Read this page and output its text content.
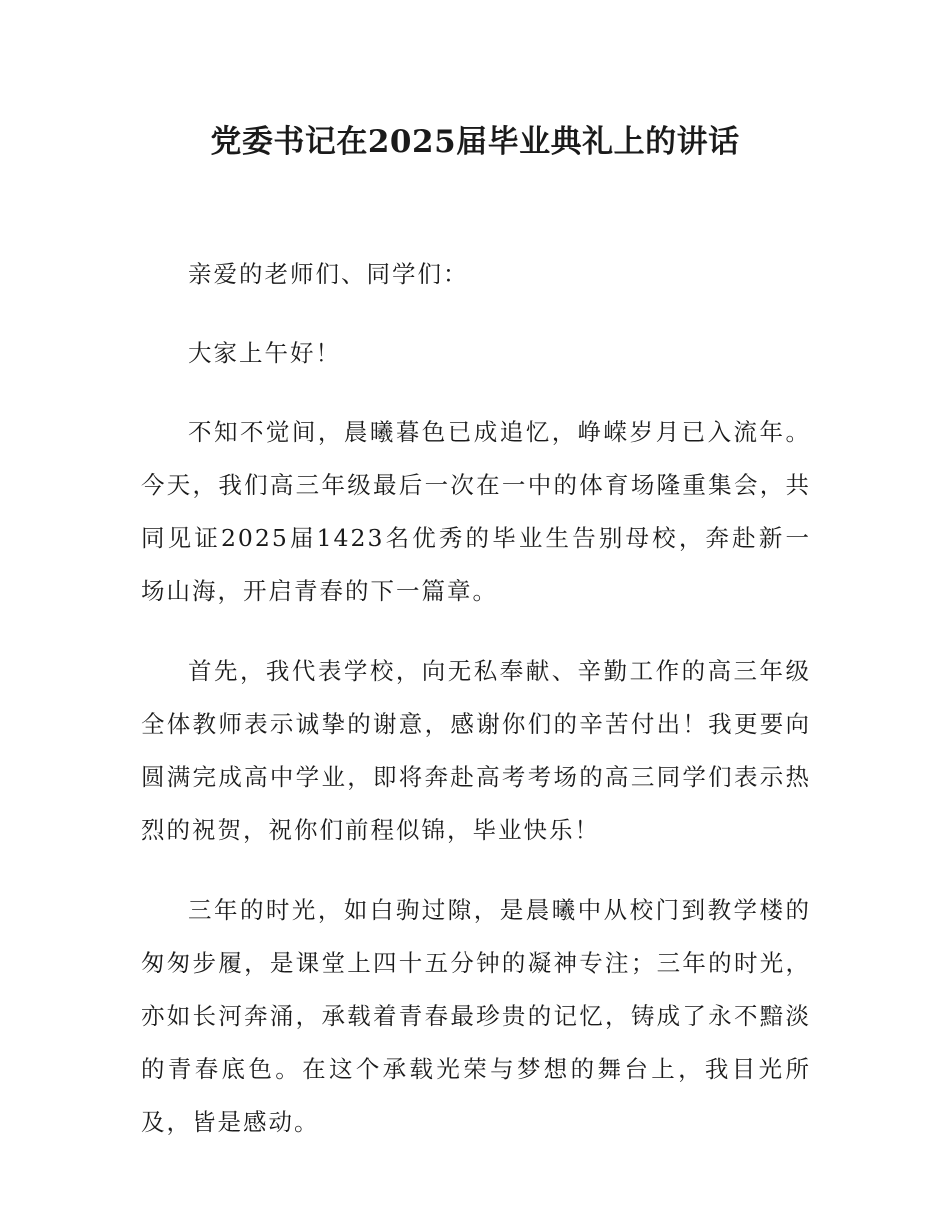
党委书记在2025届毕业典礼上的讲话

亲爱的老师们、同学们：

大家上午好！

不知不觉间，晨曦暮色已成追忆，峥嵘岁月已入流年。今天，我们高三年级最后一次在一中的体育场隆重集会，共同见证2025届1423名优秀的毕业生告别母校，奔赴新一场山海，开启青春的下一篇章。

首先，我代表学校，向无私奉献、辛勤工作的高三年级全体教师表示诚挚的谢意，感谢你们的辛苦付出！我更要向圆满完成高中学业，即将奔赴高考考场的高三同学们表示热烈的祝贺，祝你们前程似锦，毕业快乐！

三年的时光，如白驹过隙，是晨曦中从校门到教学楼的匆匆步履，是课堂上四十五分钟的凝神专注；三年的时光，亦如长河奔涌，承载着青春最珍贵的记忆，铸成了永不黯淡的青春底色。在这个承载光荣与梦想的舞台上，我目光所及，皆是感动。
